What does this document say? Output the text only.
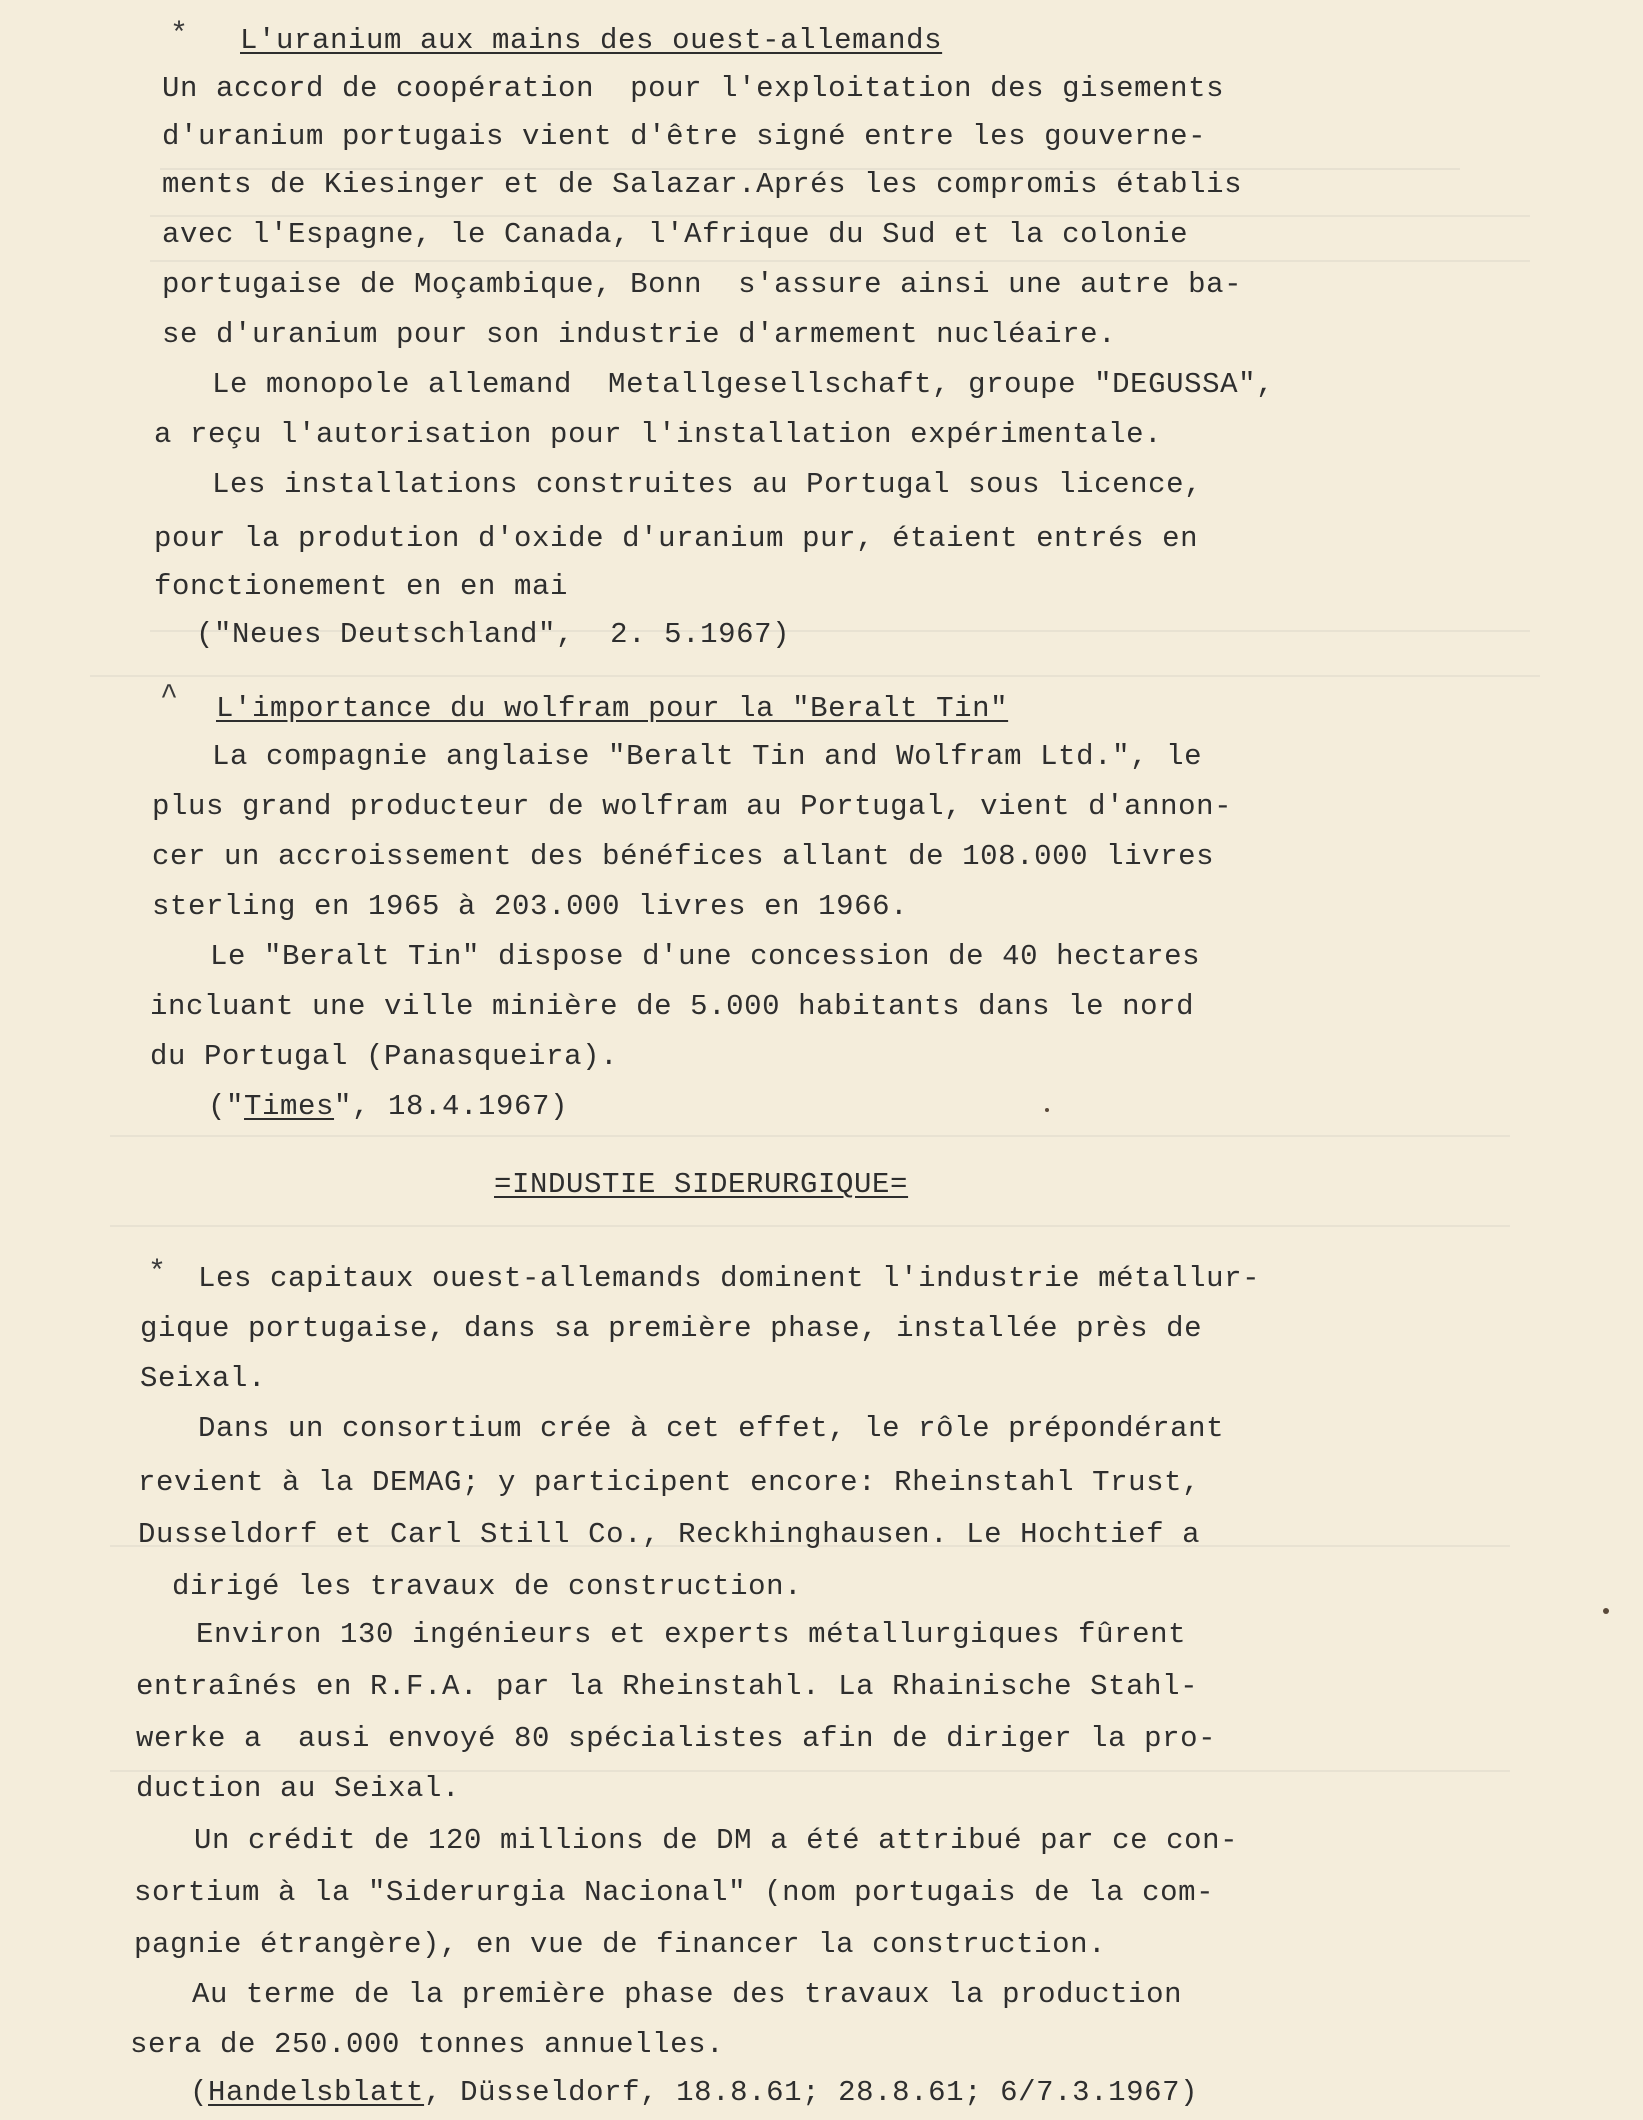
* L'uranium aux mains des ouest-allemands
Un accord de coopération  pour l'exploitation des gisements
d'uranium portugais vient d'être signé entre les gouverne-
ments de Kiesinger et de Salazar.Aprés les compromis établis
avec l'Espagne, le Canada, l'Afrique du Sud et la colonie
portugaise de Moçambique, Bonn  s'assure ainsi une autre ba-
se d'uranium pour son industrie d'armement nucléaire.
Le monopole allemand  Metallgesellschaft, groupe "DEGUSSA",
a reçu l'autorisation pour l'installation expérimentale.
Les installations construites au Portugal sous licence,
pour la prodution d'oxide d'uranium pur, étaient entrés en
fonctionement en en mai
("Neues Deutschland",  2. 5.1967)
^ L'importance du wolfram pour la "Beralt Tin"
La compagnie anglaise "Beralt Tin and Wolfram Ltd.", le
plus grand producteur de wolfram au Portugal, vient d'annon-
cer un accroissement des bénéfices allant de 108.000 livres
sterling en 1965 à 203.000 livres en 1966.
Le "Beralt Tin" dispose d'une concession de 40 hectares
incluant une ville minière de 5.000 habitants dans le nord
du Portugal (Panasqueira).
("Times", 18.4.1967)
=INDUSTIE SIDERURGIQUE=
* Les capitaux ouest-allemands dominent l'industrie métallur-
gique portugaise, dans sa première phase, installée près de
Seixal.
Dans un consortium crée à cet effet, le rôle prépondérant
revient à la DEMAG; y participent encore: Rheinstahl Trust,
Dusseldorf et Carl Still Co., Reckhinghausen. Le Hochtief a
dirigé les travaux de construction.
Environ 130 ingénieurs et experts métallurgiques fûrent
entraînés en R.F.A. par la Rheinstahl. La Rhainische Stahl-
werke a  ausi envoyé 80 spécialistes afin de diriger la pro-
duction au Seixal.
Un crédit de 120 millions de DM a été attribué par ce con-
sortium à la "Siderurgia Nacional" (nom portugais de la com-
pagnie étrangère), en vue de financer la construction.
Au terme de la première phase des travaux la production
sera de 250.000 tonnes annuelles.
(Handelsblatt, Düsseldorf, 18.8.61; 28.8.61; 6/7.3.1967)
